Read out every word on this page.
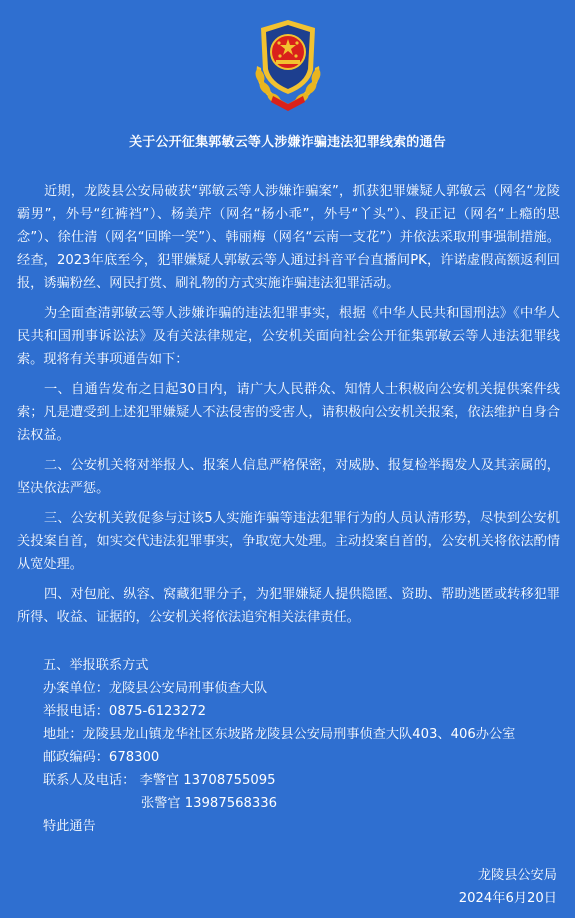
关于公开征集郭敏云等人涉嫌诈骗违法犯罪线索的通告

近期，龙陵县公安局破获“郭敏云等人涉嫌诈骗案”，抓获犯罪嫌疑人郭敏云（网名“龙陵霸男”，外号“红裤裆”）、杨美芹（网名“杨小乖”，外号“丫头”）、段正记（网名“上瘾的思念”）、徐仕清（网名“回眸一笑”）、韩丽梅（网名“云南一支花”）并依法采取刑事强制措施。经查，2023年底至今，犯罪嫌疑人郭敏云等人通过抖音平台直播间PK，许诺虚假高额返利回报，诱骗粉丝、网民打赏、刷礼物的方式实施诈骗违法犯罪活动。

为全面查清郭敏云等人涉嫌诈骗的违法犯罪事实，根据《中华人民共和国刑法》《中华人民共和国刑事诉讼法》及有关法律规定，公安机关面向社会公开征集郭敏云等人违法犯罪线索。现将有关事项通告如下：

一、自通告发布之日起30日内，请广大人民群众、知情人士积极向公安机关提供案件线索；凡是遭受到上述犯罪嫌疑人不法侵害的受害人，请积极向公安机关报案，依法维护自身合法权益。

二、公安机关将对举报人、报案人信息严格保密，对威胁、报复检举揭发人及其亲属的，坚决依法严惩。

三、公安机关敦促参与过该5人实施诈骗等违法犯罪行为的人员认清形势，尽快到公安机关投案自首，如实交代违法犯罪事实，争取宽大处理。主动投案自首的，公安机关将依法酌情从宽处理。

四、对包庇、纵容、窝藏犯罪分子，为犯罪嫌疑人提供隐匿、资助、帮助逃匿或转移犯罪所得、收益、证据的，公安机关将依法追究相关法律责任。

五、举报联系方式
办案单位：龙陵县公安局刑事侦查大队
举报电话：0875-6123272
地址：龙陵县龙山镇龙华社区东坡路龙陵县公安局刑事侦查大队403、406办公室
邮政编码：678300
联系人及电话： 李警官 13708755095
张警官 13987568336
特此通告
龙陵县公安局
2024年6月20日
